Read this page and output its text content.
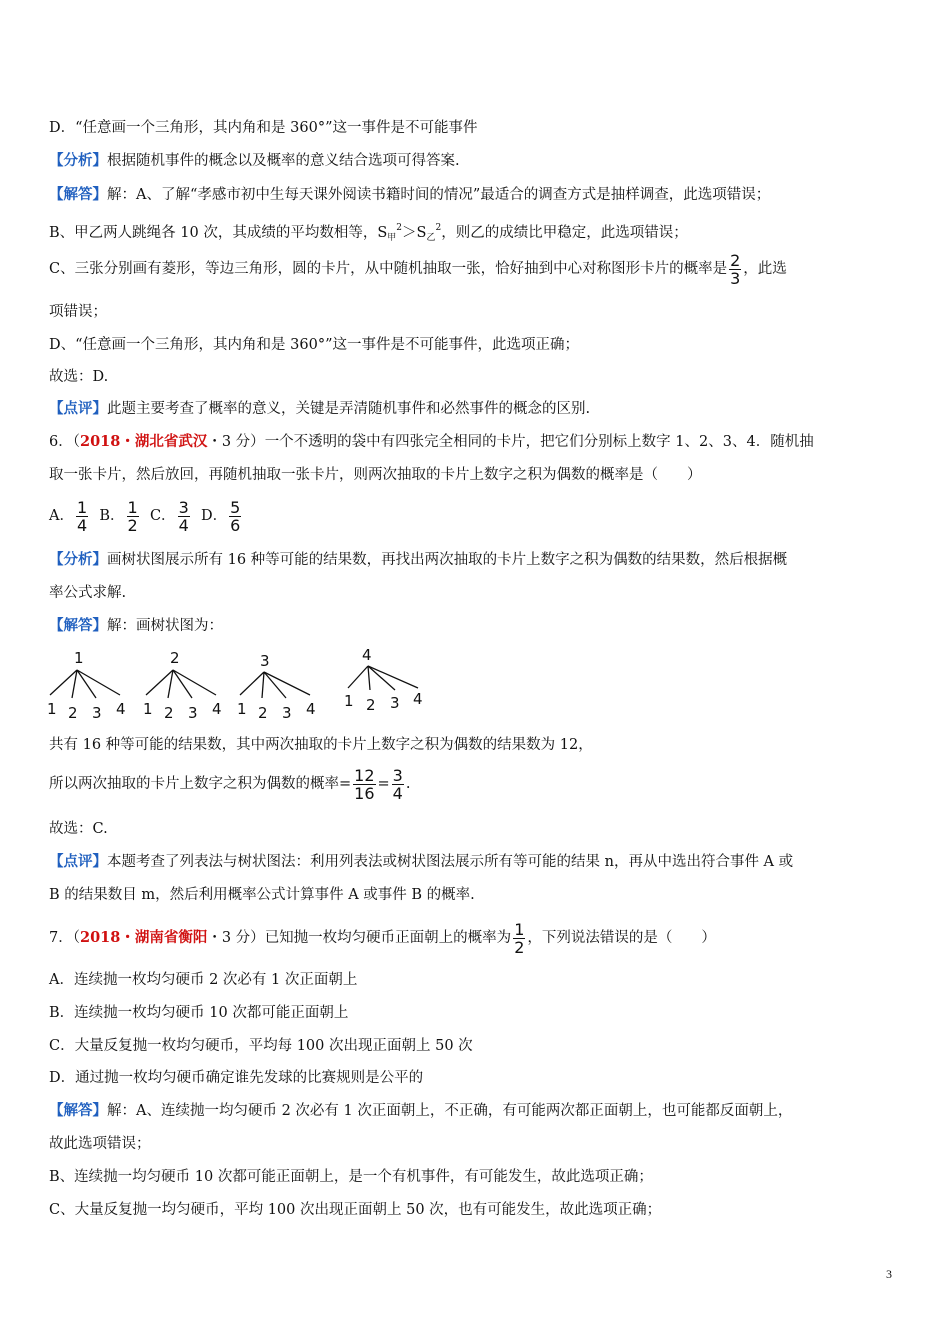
D．“任意画一个三角形，其内角和是 360°”这一事件是不可能事件
【分析】根据随机事件的概念以及概率的意义结合选项可得答案.
【解答】解：A、了解“孝感市初中生每天课外阅读书籍时间的情况”最适合的调查方式是抽样调查，此选项错误；
B、甲乙两人跳绳各 10 次，其成绩的平均数相等，$S_甲^2>S_乙^2$，则乙的成绩比甲稳定，此选项错误；
C、三张分别画有菱形，等边三角形，圆的卡片，从中随机抽取一张，恰好抽到中心对称图形卡片的概率是 $\frac{2}{3}$ ，此选
项错误；
D、“任意画一个三角形，其内角和是 360°”这一事件是不可能事件，此选项正确；
故选：D.
【点评】此题主要考查了概率的意义，关键是弄清随机事件和必然事件的概念的区别.
6．（2018・湖北省武汉・3 分）一个不透明的袋中有四张完全相同的卡片，把它们分别标上数字 1、2、3、4．随机抽
取一张卡片，然后放回，再随机抽取一张卡片，则两次抽取的卡片上数字之积为偶数的概率是（　　）
A． $\frac{1}{4}$ B． $\frac{1}{2}$ C． $\frac{3}{4}$ D． $\frac{5}{6}$
【分析】画树状图展示所有 16 种等可能的结果数，再找出两次抽取的卡片上数字之积为偶数的结果数，然后根据概
率公式求解.
【解答】解：画树状图为：
1
1 2 3 4
2
1 2 3 4
3
1 2 3 4
4
1 2 3 4
共有 16 种等可能的结果数，其中两次抽取的卡片上数字之积为偶数的结果数为 12，
所以两次抽取的卡片上数字之积为偶数的概率= $\frac{12}{16} = \frac{3}{4}$ .
故选：C.
【点评】本题考查了列表法与树状图法：利用列表法或树状图法展示所有等可能的结果 n，再从中选出符合事件 A 或
B 的结果数目 m，然后利用概率公式计算事件 A 或事件 B 的概率.
7．（2018・湖南省衡阳・3 分）已知抛一枚均匀硬币正面朝上的概率为 $\frac{1}{2}$ ，下列说法错误的是（　　）
A．连续抛一枚均匀硬币 2 次必有 1 次正面朝上
B．连续抛一枚均匀硬币 10 次都可能正面朝上
C．大量反复抛一枚均匀硬币，平均每 100 次出现正面朝上 50 次
D．通过抛一枚均匀硬币确定谁先发球的比赛规则是公平的
【解答】解：A、连续抛一均匀硬币 2 次必有 1 次正面朝上，不正确，有可能两次都正面朝上，也可能都反面朝上，
故此选项错误；
B、连续抛一均匀硬币 10 次都可能正面朝上，是一个有机事件，有可能发生，故此选项正确；
C、大量反复抛一均匀硬币，平均 100 次出现正面朝上 50 次，也有可能发生，故此选项正确；
3
